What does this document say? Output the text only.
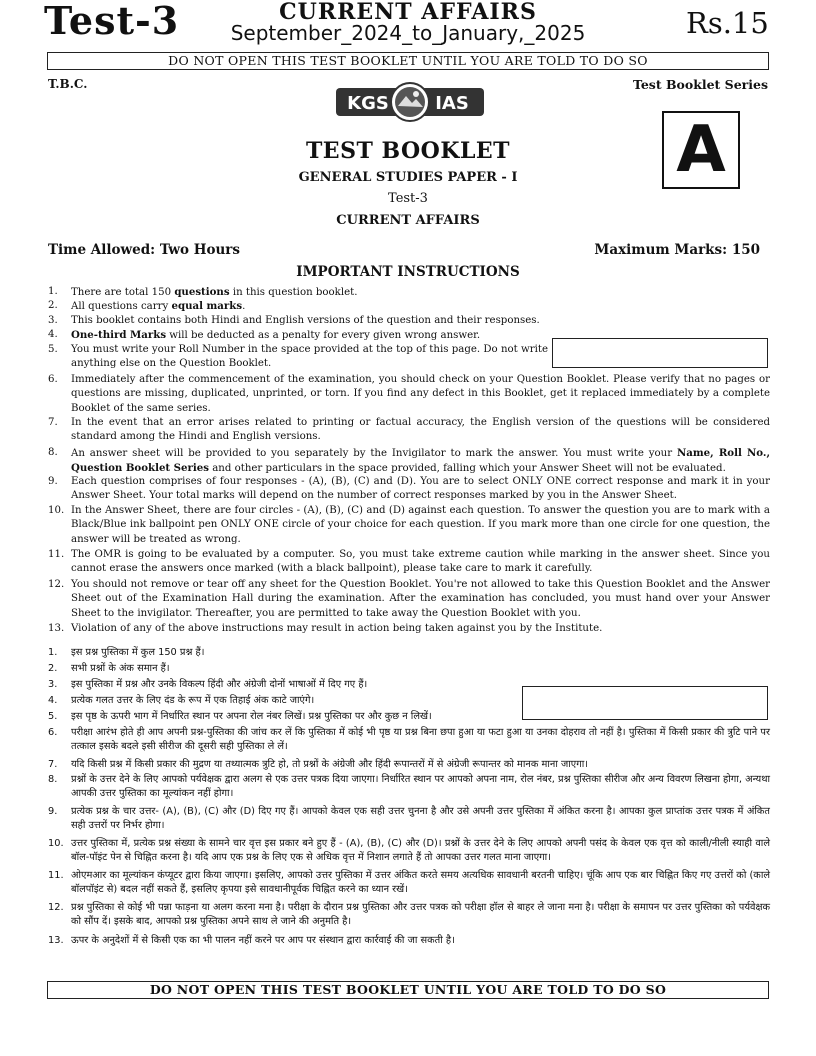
Test-3	CURRENT AFFAIRS
September_2024_to_January,_2025	Rs.15
DO NOT OPEN THIS TEST BOOKLET UNTIL YOU ARE TOLD TO DO SO
T.B.C.	Test Booklet Series
KGS	IAS
A
TEST BOOKLET
GENERAL STUDIES PAPER - I
Test-3
CURRENT AFFAIRS
Time Allowed: Two Hours	Maximum Marks: 150
IMPORTANT INSTRUCTIONS
1. There are total 150 questions in this question booklet.
2. All questions carry equal marks.
3. This booklet contains both Hindi and English versions of the question and their responses.
4. One-third Marks will be deducted as a penalty for every given wrong answer.
5. You must write your Roll Number in the space provided at the top of this page. Do not write anything else on the Question Booklet.
6. Immediately after the commencement of the examination, you should check on your Question Booklet. Please verify that no pages or questions are missing, duplicated, unprinted, or torn. If you find any defect in this Booklet, get it replaced immediately by a complete Booklet of the same series.
7. In the event that an error arises related to printing or factual accuracy, the English version of the questions will be considered standard among the Hindi and English versions.
8. An answer sheet will be provided to you separately by the Invigilator to mark the answer. You must write your Name, Roll No., Question Booklet Series and other particulars in the space provided, falling which your Answer Sheet will not be evaluated.
9. Each question comprises of four responses - (A), (B), (C) and (D). You are to select ONLY ONE correct response and mark it in your Answer Sheet. Your total marks will depend on the number of correct responses marked by you in the Answer Sheet.
10. In the Answer Sheet, there are four circles - (A), (B), (C) and (D) against each question. To answer the question you are to mark with a Black/Blue ink ballpoint pen ONLY ONE circle of your choice for each question. If you mark more than one circle for one question, the answer will be treated as wrong.
11. The OMR is going to be evaluated by a computer. So, you must take extreme caution while marking in the answer sheet. Since you cannot erase the answers once marked (with a black ballpoint), please take care to mark it carefully.
12. You should not remove or tear off any sheet for the Question Booklet. You're not allowed to take this Question Booklet and the Answer Sheet out of the Examination Hall during the examination. After the examination has concluded, you must hand over your Answer Sheet to the invigilator. Thereafter, you are permitted to take away the Question Booklet with you.
13. Violation of any of the above instructions may result in action being taken against you by the Institute.
1. इस प्रश्न पुस्तिका में कुल 150 प्रश्न हैं।
2. सभी प्रश्नों के अंक समान हैं।
3. इस पुस्तिका में प्रश्न और उनके विकल्प हिंदी और अंग्रेजी दोनों भाषाओं में दिए गए हैं।
4. प्रत्येक गलत उत्तर के लिए दंड के रूप में एक तिहाई अंक काटे जाएंगे।
5. इस पृष्ठ के ऊपरी भाग में निर्धारित स्थान पर अपना रोल नंबर लिखें। प्रश्न पुस्तिका पर और कुछ न लिखें।
6. परीक्षा आरंभ होते ही आप अपनी प्रश्न-पुस्तिका की जांच कर लें कि पुस्तिका में कोई भी पृष्ठ या प्रश्न बिना छपा हुआ या फटा हुआ या उनका दोहराव तो नहीं है। पुस्तिका में किसी प्रकार की त्रुटि पाने पर तत्काल इसके बदले इसी सीरीज की दूसरी सही पुस्तिका ले लें।
7. यदि किसी प्रश्न में किसी प्रकार की मुद्रण या तथ्यात्मक त्रुटि हो, तो प्रश्नों के अंग्रेजी और हिंदी रूपान्तरों में से अंग्रेजी रूपान्तर को मानक माना जाएगा।
8. प्रश्नों के उत्तर देने के लिए आपको पर्यवेक्षक द्वारा अलग से एक उत्तर पत्रक दिया जाएगा। निर्धारित स्थान पर आपको अपना नाम, रोल नंबर, प्रश्न पुस्तिका सीरीज और अन्य विवरण लिखना होगा, अन्यथा आपकी उत्तर पुस्तिका का मूल्यांकन नहीं होगा।
9. प्रत्येक प्रश्न के चार उत्तर- (A), (B), (C) और (D) दिए गए हैं। आपको केवल एक सही उत्तर चुनना है और उसे अपनी उत्तर पुस्तिका में अंकित करना है। आपका कुल प्राप्तांक उत्तर पत्रक में अंकित सही उत्तरों पर निर्भर होगा।
10. उत्तर पुस्तिका में, प्रत्येक प्रश्न संख्या के सामने चार वृत्त इस प्रकार बने हुए हैं - (A), (B), (C) और (D)। प्रश्नों के उत्तर देने के लिए आपको अपनी पसंद के केवल एक वृत्त को काली/नीली स्याही वाले बॉल-पॉइंट पेन से चिह्नित करना है। यदि आप एक प्रश्न के लिए एक से अधिक वृत्त में निशान लगाते हैं तो आपका उत्तर गलत माना जाएगा।
11. ओएमआर का मूल्यांकन कंप्यूटर द्वारा किया जाएगा। इसलिए, आपको उत्तर पुस्तिका में उत्तर अंकित करते समय अत्यधिक सावधानी बरतनी चाहिए। चूंकि आप एक बार चिह्नित किए गए उत्तरों को (काले बॉलपॉइंट से) बदल नहीं सकते हैं, इसलिए कृपया इसे सावधानीपूर्वक चिह्नित करने का ध्यान रखें।
12. प्रश्न पुस्तिका से कोई भी पन्ना फाड़ना या अलग करना मना है। परीक्षा के दौरान प्रश्न पुस्तिका और उत्तर पत्रक को परीक्षा हॉल से बाहर ले जाना मना है। परीक्षा के समापन पर उत्तर पुस्तिका को पर्यवेक्षक को सौंप दें। इसके बाद, आपको प्रश्न पुस्तिका अपने साथ ले जाने की अनुमति है।
13. ऊपर के अनुदेशों में से किसी एक का भी पालन नहीं करने पर आप पर संस्थान द्वारा कार्रवाई की जा सकती है।
DO NOT OPEN THIS TEST BOOKLET UNTIL YOU ARE TOLD TO DO SO
